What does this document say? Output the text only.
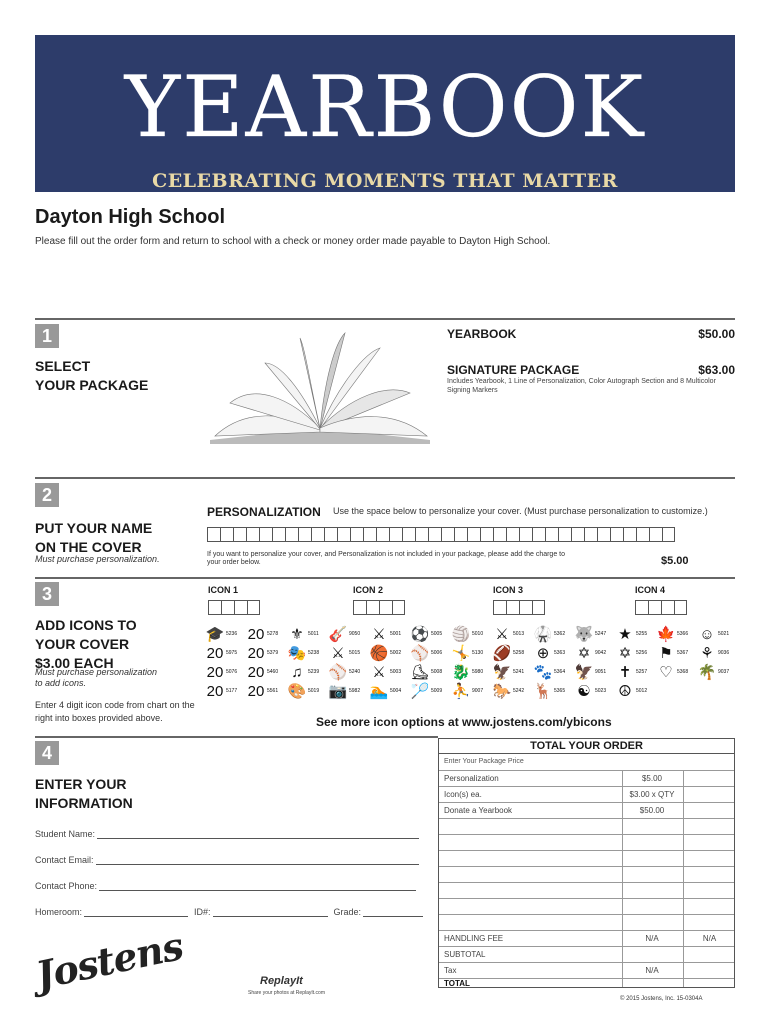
YEARBOOK
CELEBRATING MOMENTS THAT MATTER
Dayton High School
Please fill out the order form and return to school with a check or money order made payable to Dayton High School.
1
SELECT
YOUR PACKAGE
YEARBOOK	$50.00
SIGNATURE PACKAGE	$63.00
Includes Yearbook, 1 Line of Personalization, Color Autograph Section and 8 Multicolor Signing Markers
2
PUT YOUR NAME
ON THE COVER
Must purchase personalization.
PERSONALIZATION Use the space below to personalize your cover. (Must purchase personalization to customize.)
If you want to personalize your cover, and Personalization is not included in your package, please add the charge to your order below.	$5.00
3
ADD ICONS TO
YOUR COVER
$3.00 EACH
Must purchase personalization
to add icons.
Enter 4 digit icon code from chart on the right into boxes provided above.
ICON 1	ICON 2	ICON 3	ICON 4
🎓 5236 20 5278 ⚜ 5011 🎸 9050 ⚔ 5001 ⚽ 5005 🏐 5010 ⚔ 5013 🥋 5362 🐺 5247 ★ 5255 🍁 5366 ☺ 5021
20 5975 20 5379 🎭 5238 ⚔ 5015 🏀 5002 ⚾ 5006 🤸 5130 🏈 5258 ⊕ 5363 ✡ 9042 ✡ 5256 ⚑ 5367 ⚘ 9036
20 5076 20 5460 ♫	5239 ⚾ 5240 ⚔ 5003 ⛸ 5008 🐉 5980 🦅 5241 🐾 5364 🦅 9051 ✝ 5257 ♡ 5368 🌴 9037
20 5177 20 5561 🎨 5019 📷 5982 🏊 5004 🏸 5009 ⛹ 9007 🐎 5242 🦌 5365 ☯ 5023 ☮ 5012
See more icon options at www.jostens.com/ybicons
4
ENTER YOUR
INFORMATION
Student Name:
Contact Email:
Contact Phone:
Homeroom:	ID#:	Grade:
TOTAL YOUR ORDER
Enter Your Package Price
Personalization	$5.00
Icon(s) ea.	$3.00 x QTY
Donate a Yearbook	$50.00
HANDLING FEE	N/A	N/A
SUBTOTAL
Tax	N/A
TOTAL
Jostens	ReplayIt
Share your photos at ReplayIt.com
© 2015 Jostens, Inc. 15-0304A
